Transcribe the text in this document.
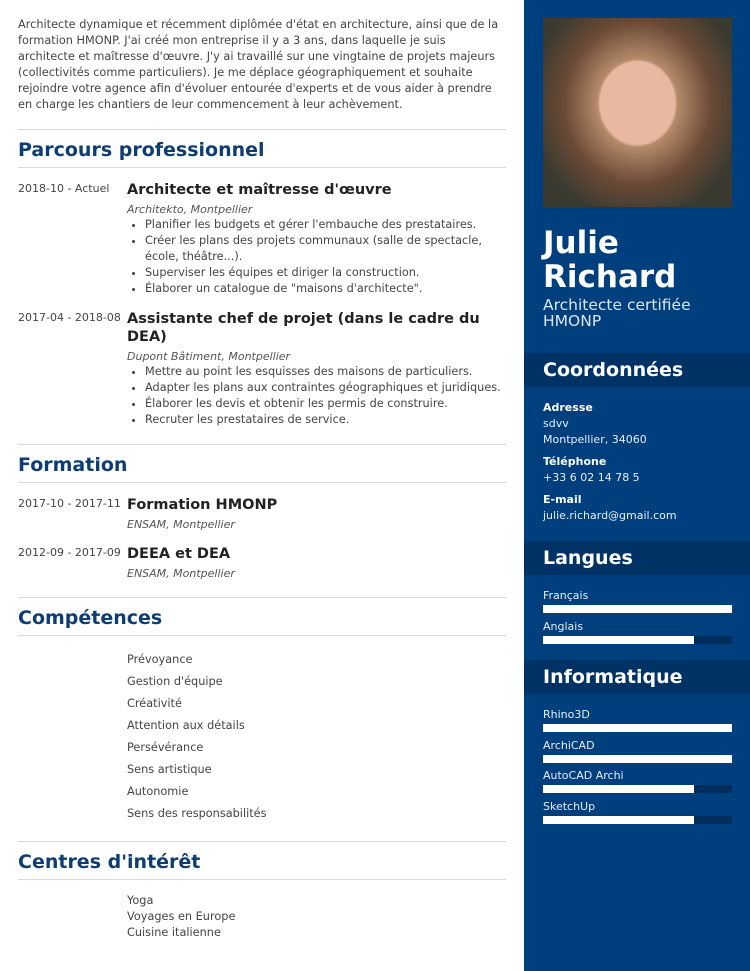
Architecte dynamique et récemment diplômée d'état en architecture, ainsi que de la formation HMONP. J'ai créé mon entreprise il y a 3 ans, dans laquelle je suis architecte et maîtresse d'œuvre. J'y ai travaillé sur une vingtaine de projets majeurs (collectivités comme particuliers). Je me déplace géographiquement et souhaite rejoindre votre agence afin d'évoluer entourée d'experts et de vous aider à prendre en charge les chantiers de leur commencement à leur achèvement.

Parcours professionnel
2018-10 - Actuel	Architecte et maîtresse d'œuvre
Architekto, Montpellier
• Planifier les budgets et gérer l'embauche des prestataires.
• Créer les plans des projets communaux (salle de spectacle, école, théâtre...).
• Superviser les équipes et diriger la construction.
• Élaborer un catalogue de "maisons d'architecte".
2017-04 - 2018-08 Assistante chef de projet (dans le cadre du DEA)
Dupont Bâtiment, Montpellier
• Mettre au point les esquisses des maisons de particuliers.
• Adapter les plans aux contraintes géographiques et juridiques.
• Élaborer les devis et obtenir les permis de construire.
• Recruter les prestataires de service.
Formation
2017-10 - 2017-11 Formation HMONP
ENSAM, Montpellier
2012-09 - 2017-09 DEEA et DEA
ENSAM, Montpellier
Compétences
Prévoyance
Gestion d'équipe
Créativité
Attention aux détails
Persévérance
Sens artistique
Autonomie
Sens des responsabilités
Centres d'intérêt
Yoga
Voyages en Europe
Cuisine italienne
Julie
Richard
Architecte certifiée HMONP
Coordonnées
Adresse
sdvv
Montpellier, 34060
Téléphone
+33 6 02 14 78 5
E-mail
julie.richard@gmail.com
Langues
Français
Anglais
Informatique
Rhino3D
ArchiCAD
AutoCAD Archi
SketchUp
